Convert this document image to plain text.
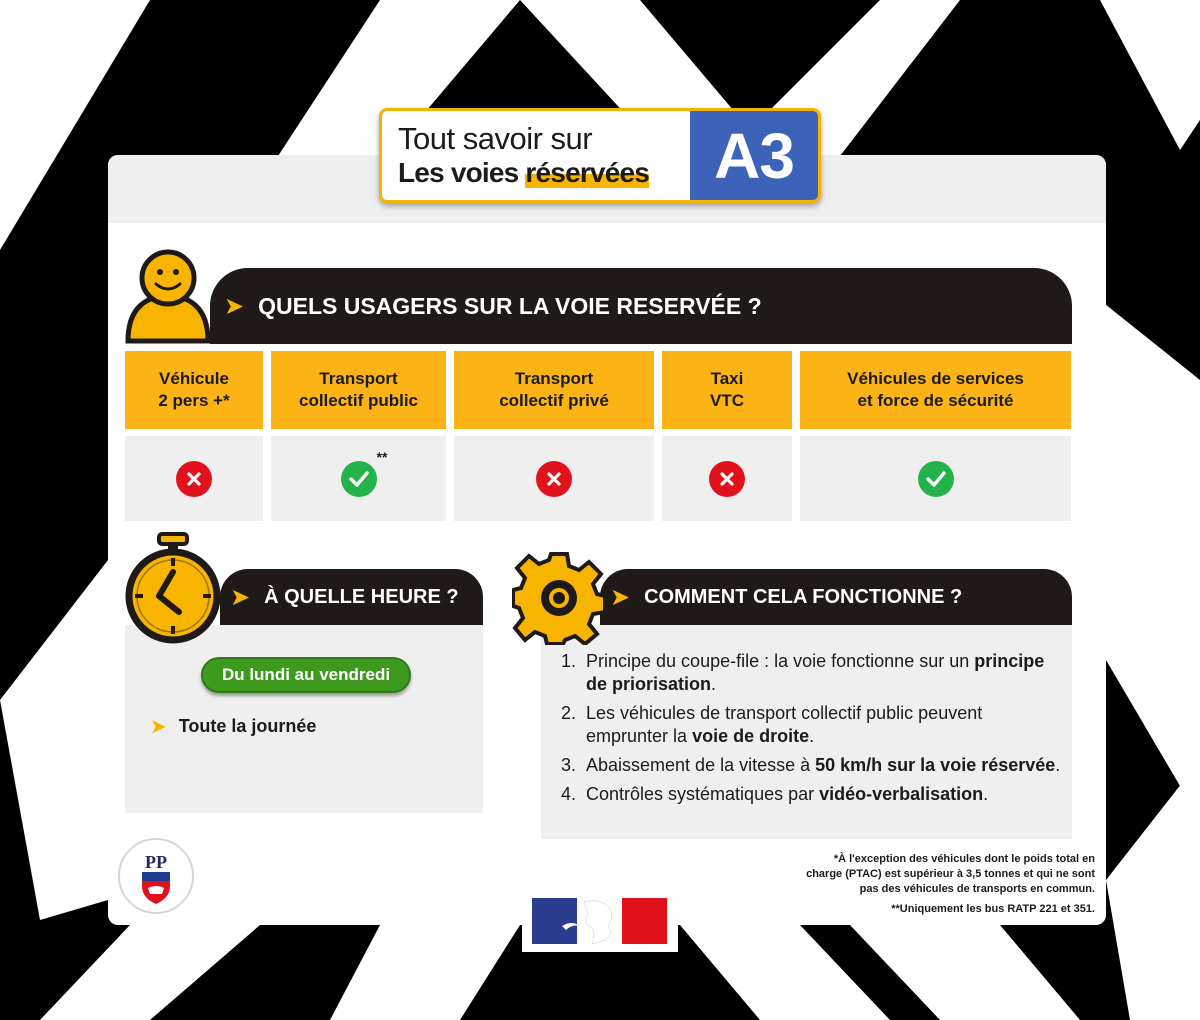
Tout savoir sur
Les voies réservées	A3
➤ QUELS USAGERS SUR LA VOIE RESERVÉE ?
Véhicule
2 pers +*
Transport
collectif public
Transport
collectif privé
Taxi
VTC
Véhicules de services
et force de sécurité
**
➤ À QUELLE HEURE ?
Du lundi au vendredi
➤ Toute la journée
➤ COMMENT CELA FONCTIONNE ?
1. Principe du coupe-file : la voie fonctionne sur un principe de priorisation.
2. Les véhicules de transport collectif public peuvent emprunter la voie de droite.
3. Abaissement de la vitesse à 50 km/h sur la voie réservée.
4. Contrôles systématiques par vidéo-verbalisation.

*À l'exception des véhicules dont le poids total en charge (PTAC) est supérieur à 3,5 tonnes et qui ne sont pas des véhicules de transports en commun.

**Uniquement les bus RATP 221 et 351.

PP
